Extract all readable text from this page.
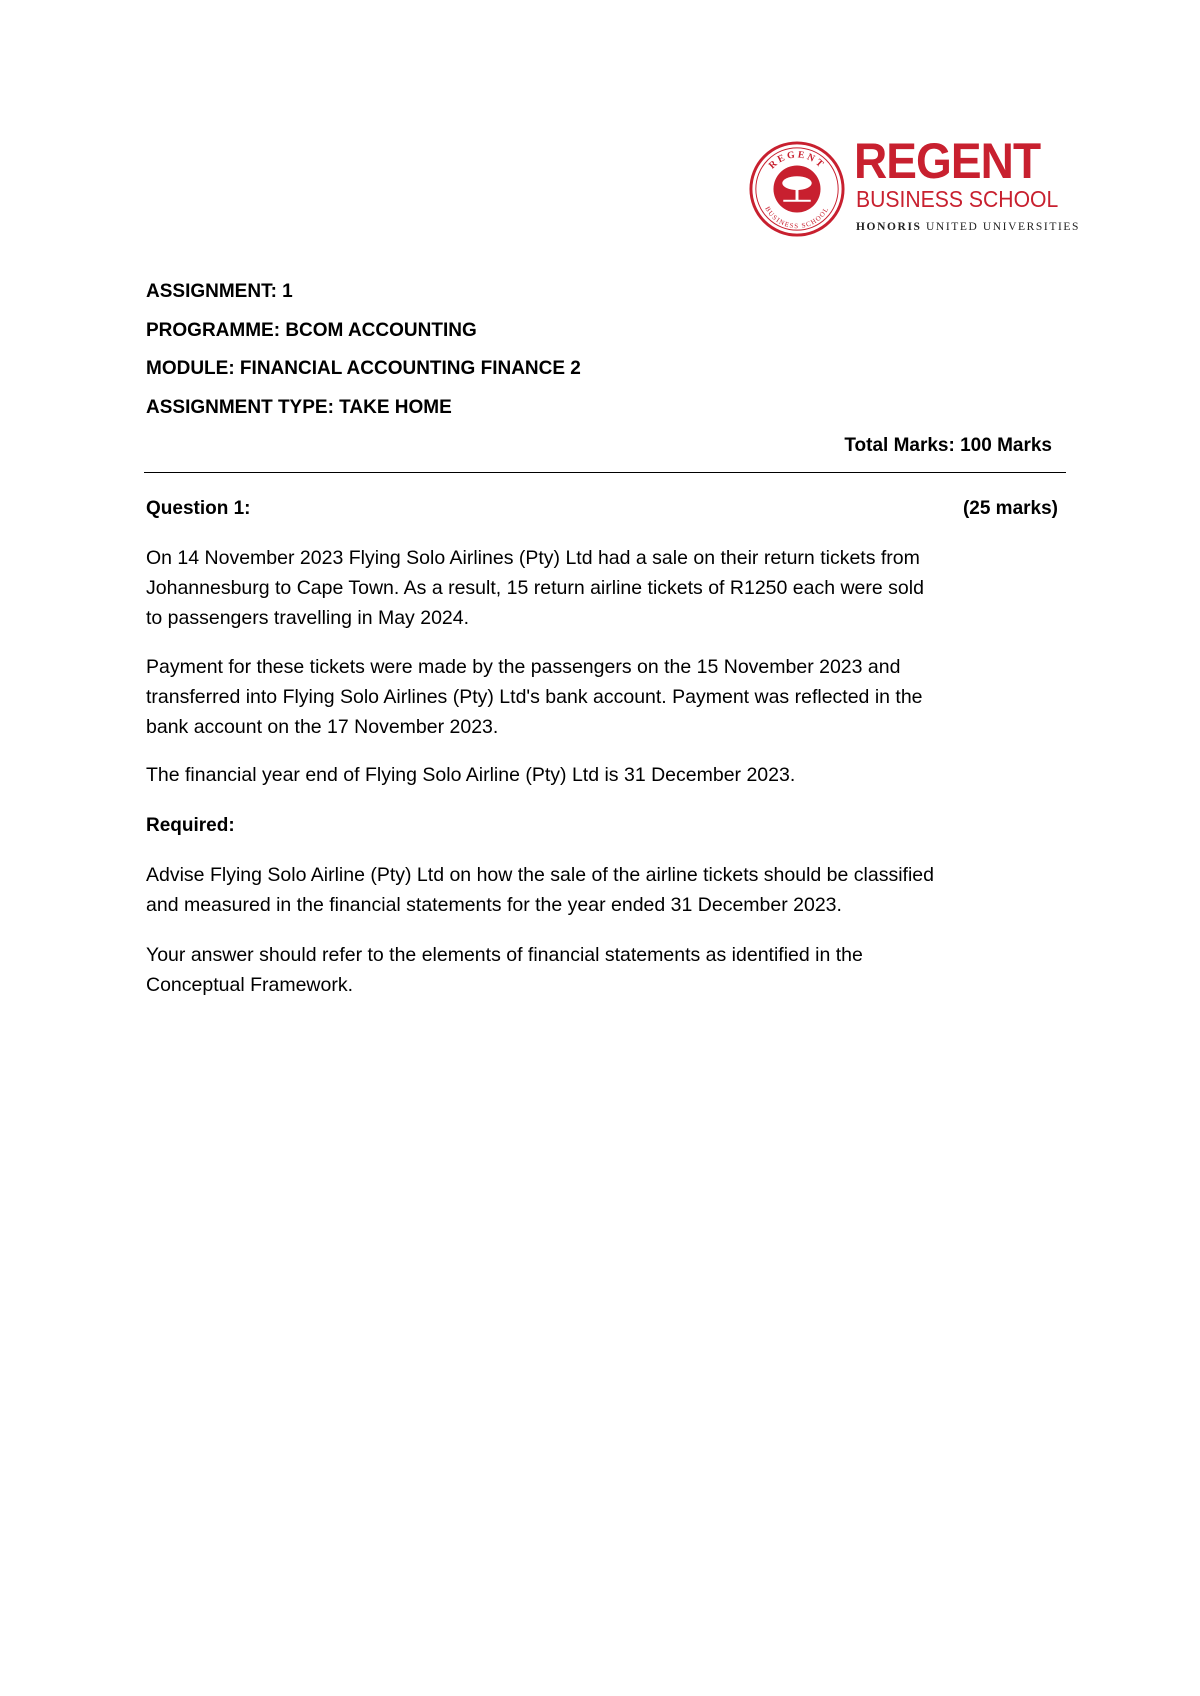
REGENT
BUSINESS SCHOOL
REGENT
BUSINESS SCHOOL
HONORIS UNITED UNIVERSITIES
ASSIGNMENT: 1
PROGRAMME: BCOM ACCOUNTING
MODULE: FINANCIAL ACCOUNTING FINANCE 2
ASSIGNMENT TYPE: TAKE HOME
Total Marks: 100 Marks
Question 1:	(25 marks)
On 14 November 2023 Flying Solo Airlines (Pty) Ltd had a sale on their return tickets from
Johannesburg to Cape Town. As a result, 15 return airline tickets of R1250 each were sold
to passengers travelling in May 2024.
Payment for these tickets were made by the passengers on the 15 November 2023 and
transferred into Flying Solo Airlines (Pty) Ltd's bank account. Payment was reflected in the
bank account on the 17 November 2023.
The financial year end of Flying Solo Airline (Pty) Ltd is 31 December 2023.
Required:
Advise Flying Solo Airline (Pty) Ltd on how the sale of the airline tickets should be classified
and measured in the financial statements for the year ended 31 December 2023.
Your answer should refer to the elements of financial statements as identified in the
Conceptual Framework.
